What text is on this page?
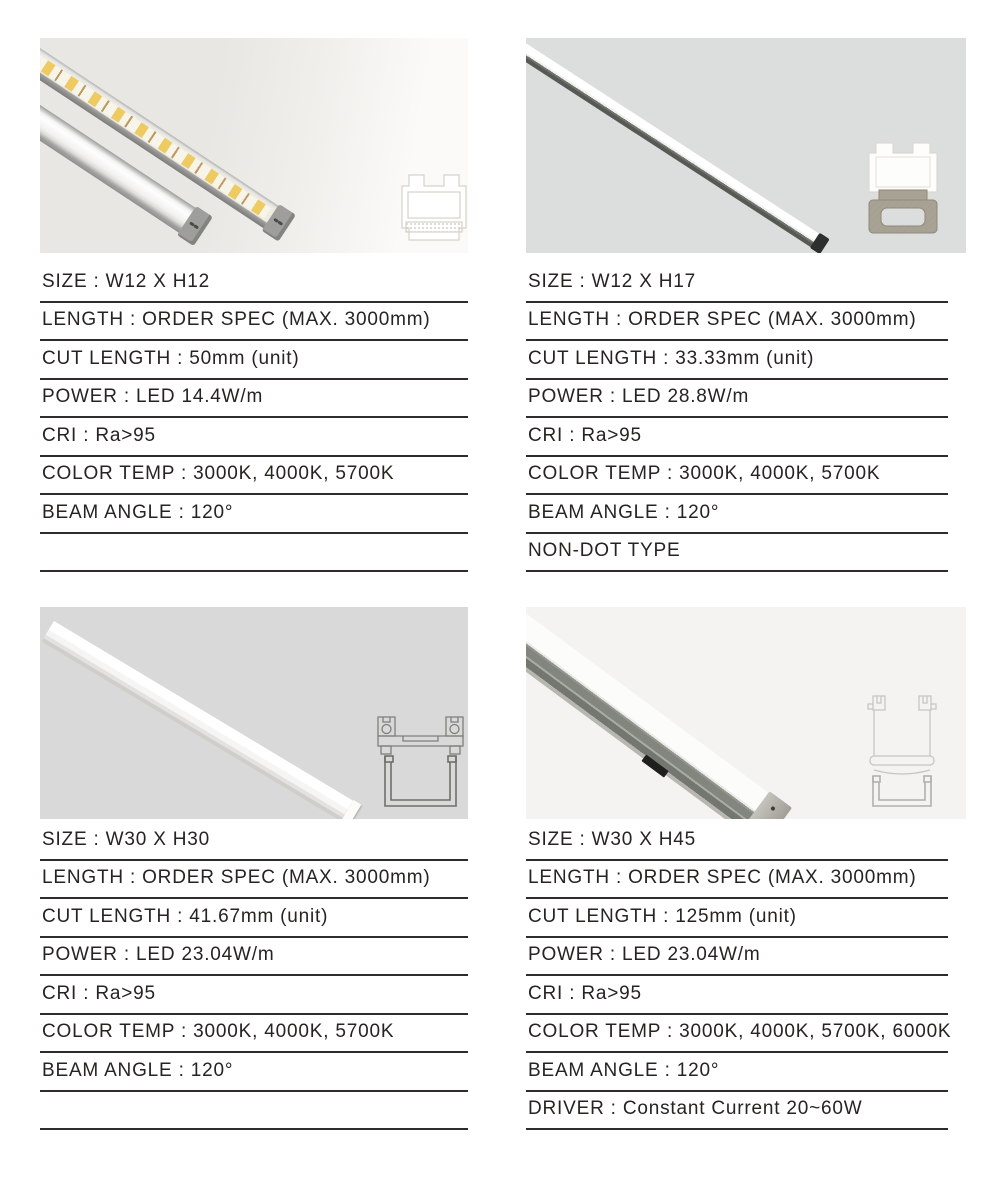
SIZE : W12 X H12
LENGTH : ORDER SPEC (MAX. 3000mm)
CUT LENGTH : 50mm (unit)
POWER : LED 14.4W/m
CRI : Ra>95
COLOR TEMP : 3000K, 4000K, 5700K
BEAM ANGLE : 120°
SIZE : W12 X H17
LENGTH : ORDER SPEC (MAX. 3000mm)
CUT LENGTH : 33.33mm (unit)
POWER : LED 28.8W/m
CRI : Ra>95
COLOR TEMP : 3000K, 4000K, 5700K
BEAM ANGLE : 120°
NON-DOT TYPE
SIZE : W30 X H30
LENGTH : ORDER SPEC (MAX. 3000mm)
CUT LENGTH : 41.67mm (unit)
POWER : LED 23.04W/m
CRI : Ra>95
COLOR TEMP : 3000K, 4000K, 5700K
BEAM ANGLE : 120°
SIZE : W30 X H45
LENGTH : ORDER SPEC (MAX. 3000mm)
CUT LENGTH : 125mm (unit)
POWER : LED 23.04W/m
CRI : Ra>95
COLOR TEMP : 3000K, 4000K, 5700K, 6000K
BEAM ANGLE : 120°
DRIVER : Constant Current 20~60W
